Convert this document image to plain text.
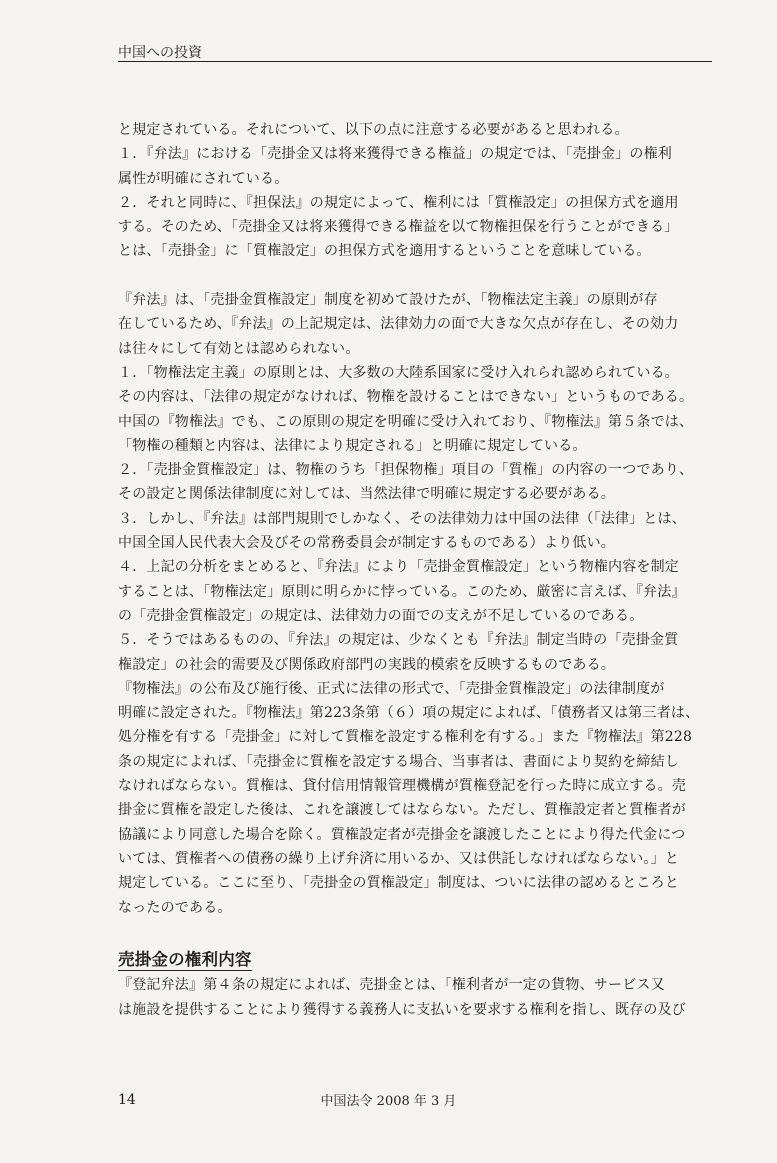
中国への投資
と規定されている。それについて、以下の点に注意する必要があると思われる。
１．『弁法』における「売掛金又は将来獲得できる権益」の規定では、「売掛金」の権利
属性が明確にされている。
２．それと同時に、『担保法』の規定によって、権利には「質権設定」の担保方式を適用
する。そのため、「売掛金又は将来獲得できる権益を以て物権担保を行うことができる」
とは、「売掛金」に「質権設定」の担保方式を適用するということを意味している。
『弁法』は、「売掛金質権設定」制度を初めて設けたが、「物権法定主義」の原則が存
在しているため、『弁法』の上記規定は、法律効力の面で大きな欠点が存在し、その効力
は往々にして有効とは認められない。
１．「物権法定主義」の原則とは、大多数の大陸系国家に受け入れられ認められている。
その内容は、「法律の規定がなければ、物権を設けることはできない」というものである。
中国の『物権法』でも、この原則の規定を明確に受け入れており、『物権法』第５条では、
「物権の種類と内容は、法律により規定される」と明確に規定している。
２．「売掛金質権設定」は、物権のうち「担保物権」項目の「質権」の内容の一つであり、
その設定と関係法律制度に対しては、当然法律で明確に規定する必要がある。
３．しかし、『弁法』は部門規則でしかなく、その法律効力は中国の法律（「法律」とは、
中国全国人民代表大会及びその常務委員会が制定するものである）より低い。
４．上記の分析をまとめると、『弁法』により「売掛金質権設定」という物権内容を制定
することは、「物権法定」原則に明らかに悖っている。このため、厳密に言えば、『弁法』
の「売掛金質権設定」の規定は、法律効力の面での支えが不足しているのである。
５．そうではあるものの、『弁法』の規定は、少なくとも『弁法』制定当時の「売掛金質
権設定」の社会的需要及び関係政府部門の実践的模索を反映するものである。
『物権法』の公布及び施行後、正式に法律の形式で、「売掛金質権設定」の法律制度が
明確に設定された。『物権法』第223条第（６）項の規定によれば、「債務者又は第三者は、
処分権を有する「売掛金」に対して質権を設定する権利を有する。」また『物権法』第228
条の規定によれば、「売掛金に質権を設定する場合、当事者は、書面により契約を締結し
なければならない。質権は、貸付信用情報管理機構が質権登記を行った時に成立する。売
掛金に質権を設定した後は、これを譲渡してはならない。ただし、質権設定者と質権者が
協議により同意した場合を除く。質権設定者が売掛金を譲渡したことにより得た代金につ
いては、質権者への債務の繰り上げ弁済に用いるか、又は供託しなければならない。」と
規定している。ここに至り、「売掛金の質権設定」制度は、ついに法律の認めるところと
なったのである。
売掛金の権利内容
『登記弁法』第４条の規定によれば、売掛金とは、「権利者が一定の貨物、サービス又
は施設を提供することにより獲得する義務人に支払いを要求する権利を指し、既存の及び
14	中国法令 2008 年 3 月
